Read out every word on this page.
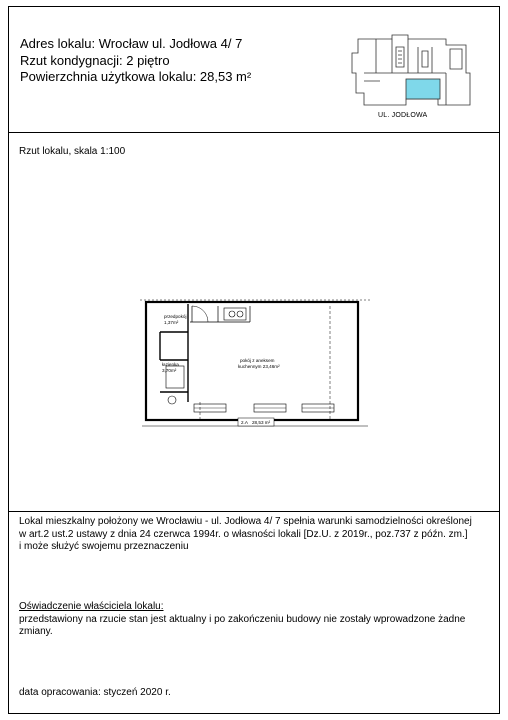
Adres lokalu: Wrocław ul. Jodłowa 4/ 7
Rzut kondygnacji: 2 piętro
Powierzchnia użytkowa lokalu: 28,53 m²
UL. JODŁOWA
Rzut lokalu, skala 1:100
przedpokój
1,37m²
łazienka
3,70m²
pokój z aneksem
kuchennym 23,46m²
2.A 28,53 m²
Lokal mieszkalny położony we Wrocławiu - ul. Jodłowa 4/ 7 spełnia warunki samodzielności określonej
w art.2 ust.2 ustawy z dnia 24 czerwca 1994r. o własności lokali [Dz.U. z 2019r., poz.737 z późn. zm.]
i może służyć swojemu przeznaczeniu
Oświadczenie właściciela lokalu:
przedstawiony na rzucie stan jest aktualny i po zakończeniu budowy nie zostały wprowadzone żadne
zmiany.
data opracowania: styczeń 2020 r.
